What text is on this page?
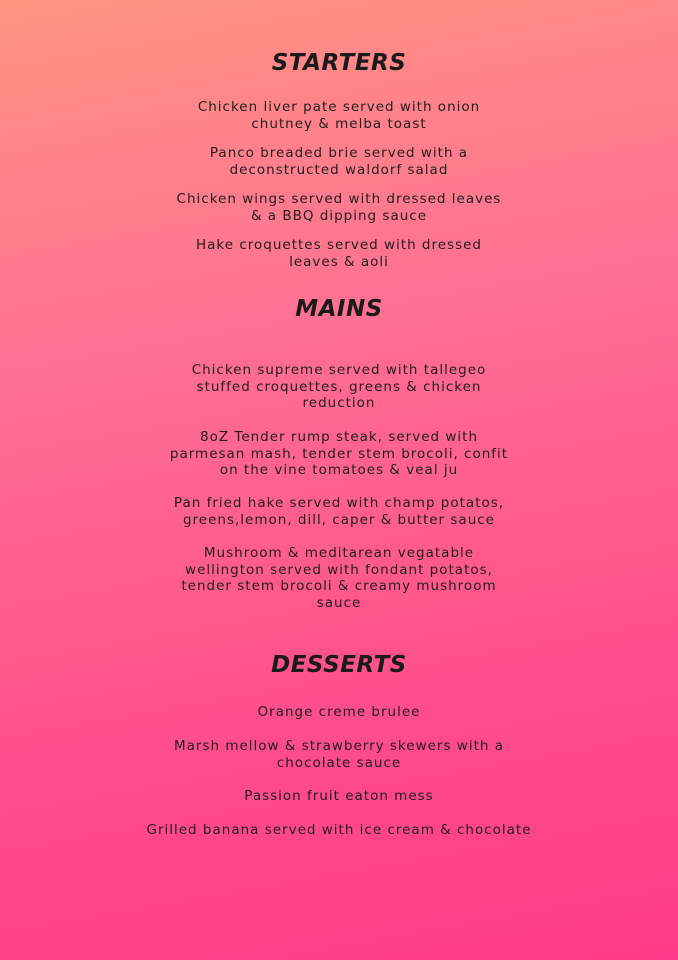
STARTERS

Chicken liver pate served with onion
chutney & melba toast

Panco breaded brie served with a
deconstructed waldorf salad

Chicken wings served with dressed leaves
& a BBQ dipping sauce

Hake croquettes served with dressed
leaves & aoli

MAINS

Chicken supreme served with tallegeo
stuffed croquettes, greens & chicken
reduction

8oZ Tender rump steak, served with
parmesan mash, tender stem brocoli, confit
on the vine tomatoes & veal ju

Pan fried hake served with champ potatos,
greens,lemon, dill, caper & butter sauce

Mushroom & meditarean vegatable
wellington served with fondant potatos,
tender stem brocoli & creamy mushroom
sauce

DESSERTS

Orange creme brulee

Marsh mellow & strawberry skewers with a
chocolate sauce

Passion fruit eaton mess

Grilled banana served with ice cream & chocolate
